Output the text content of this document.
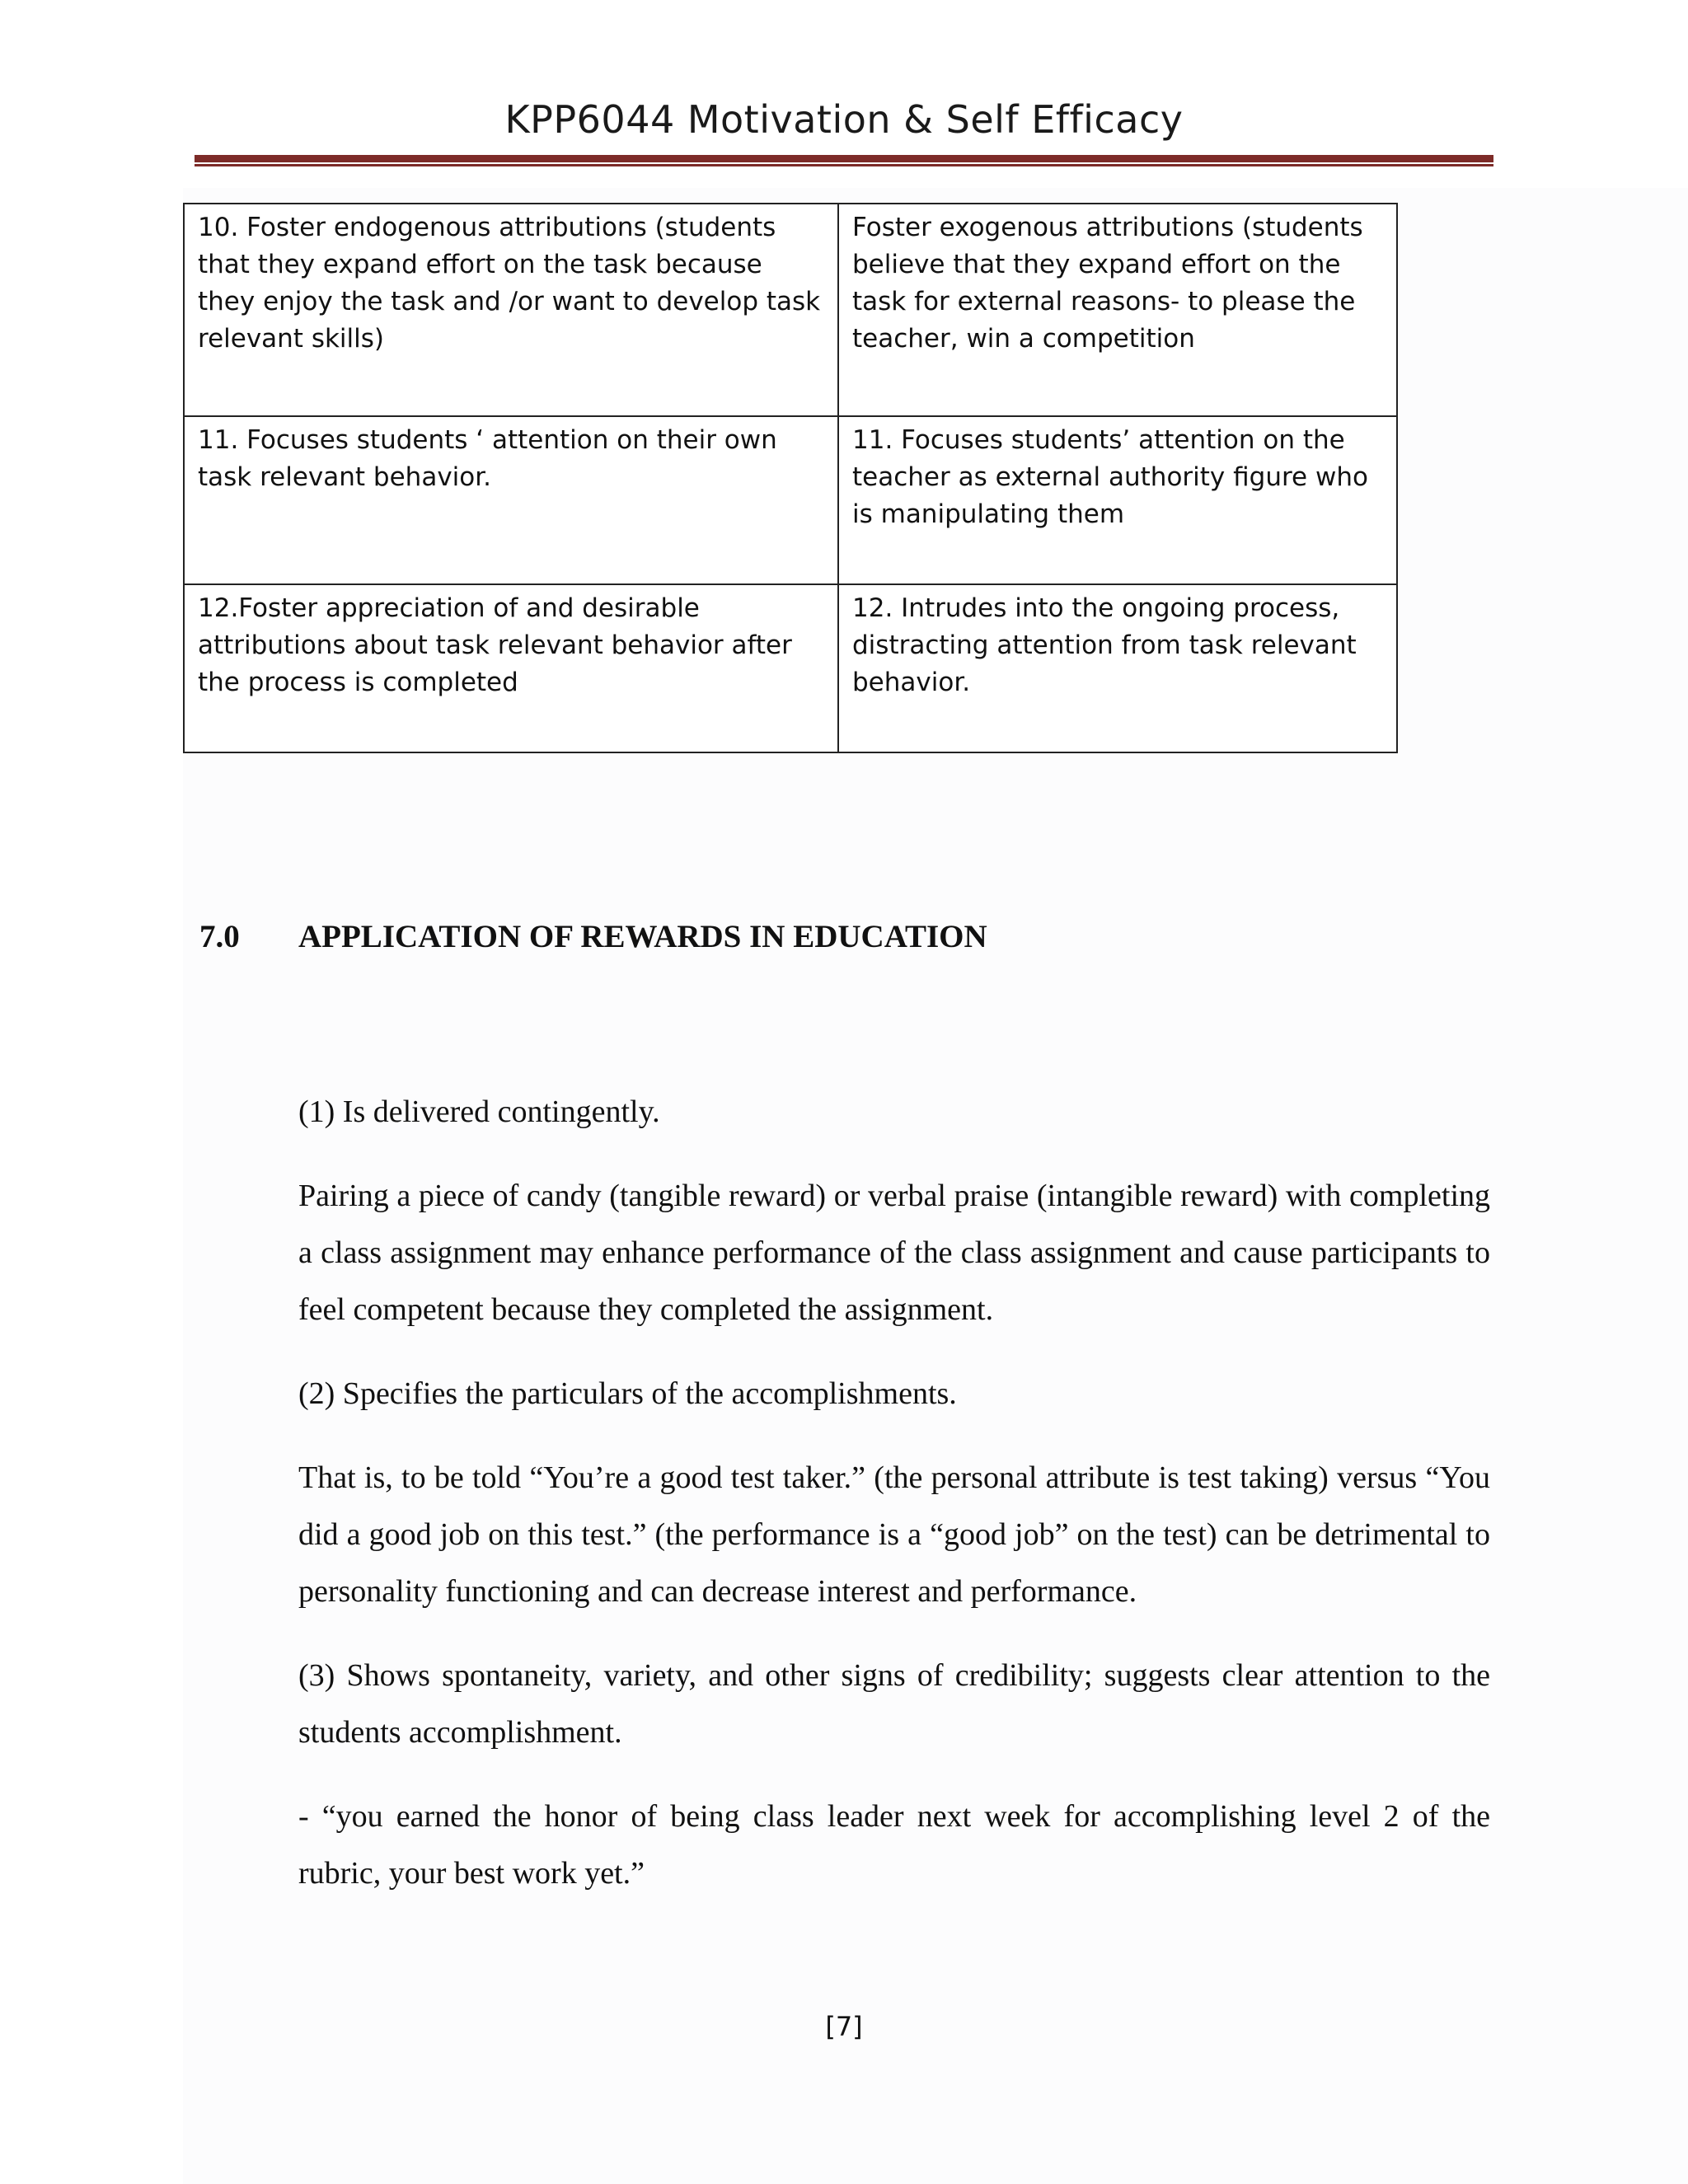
KPP6044 Motivation & Self Efficacy
10. Foster endogenous attributions (students that they expand effort on the task because they enjoy the task and /or want to develop task relevant skills)	Foster exogenous attributions (students believe that they expand effort on the task for external reasons- to please the teacher, win a competition
11. Focuses students ‘ attention on their own task relevant behavior.	11. Focuses students’ attention on the teacher as external authority figure who is manipulating them
12.Foster appreciation of and desirable attributions about task relevant behavior after the process is completed	12. Intrudes into the ongoing process, distracting attention from task relevant behavior.
7.0 APPLICATION OF REWARDS IN EDUCATION

(1) Is delivered contingently.

Pairing a piece of candy (tangible reward) or verbal praise (intangible reward) with completing a class assignment may enhance performance of the class assignment and cause participants to feel competent because they completed the assignment.

(2) Specifies the particulars of the accomplishments.

That is, to be told “You’re a good test taker.” (the personal attribute is test taking) versus “You did a good job on this test.” (the performance is a “good job” on the test) can be detrimental to personality functioning and can decrease interest and performance.

(3) Shows spontaneity, variety, and other signs of credibility; suggests clear attention to the students accomplishment.

- “you earned the honor of being class leader next week for accomplishing level 2 of the rubric, your best work yet.”

[7]
